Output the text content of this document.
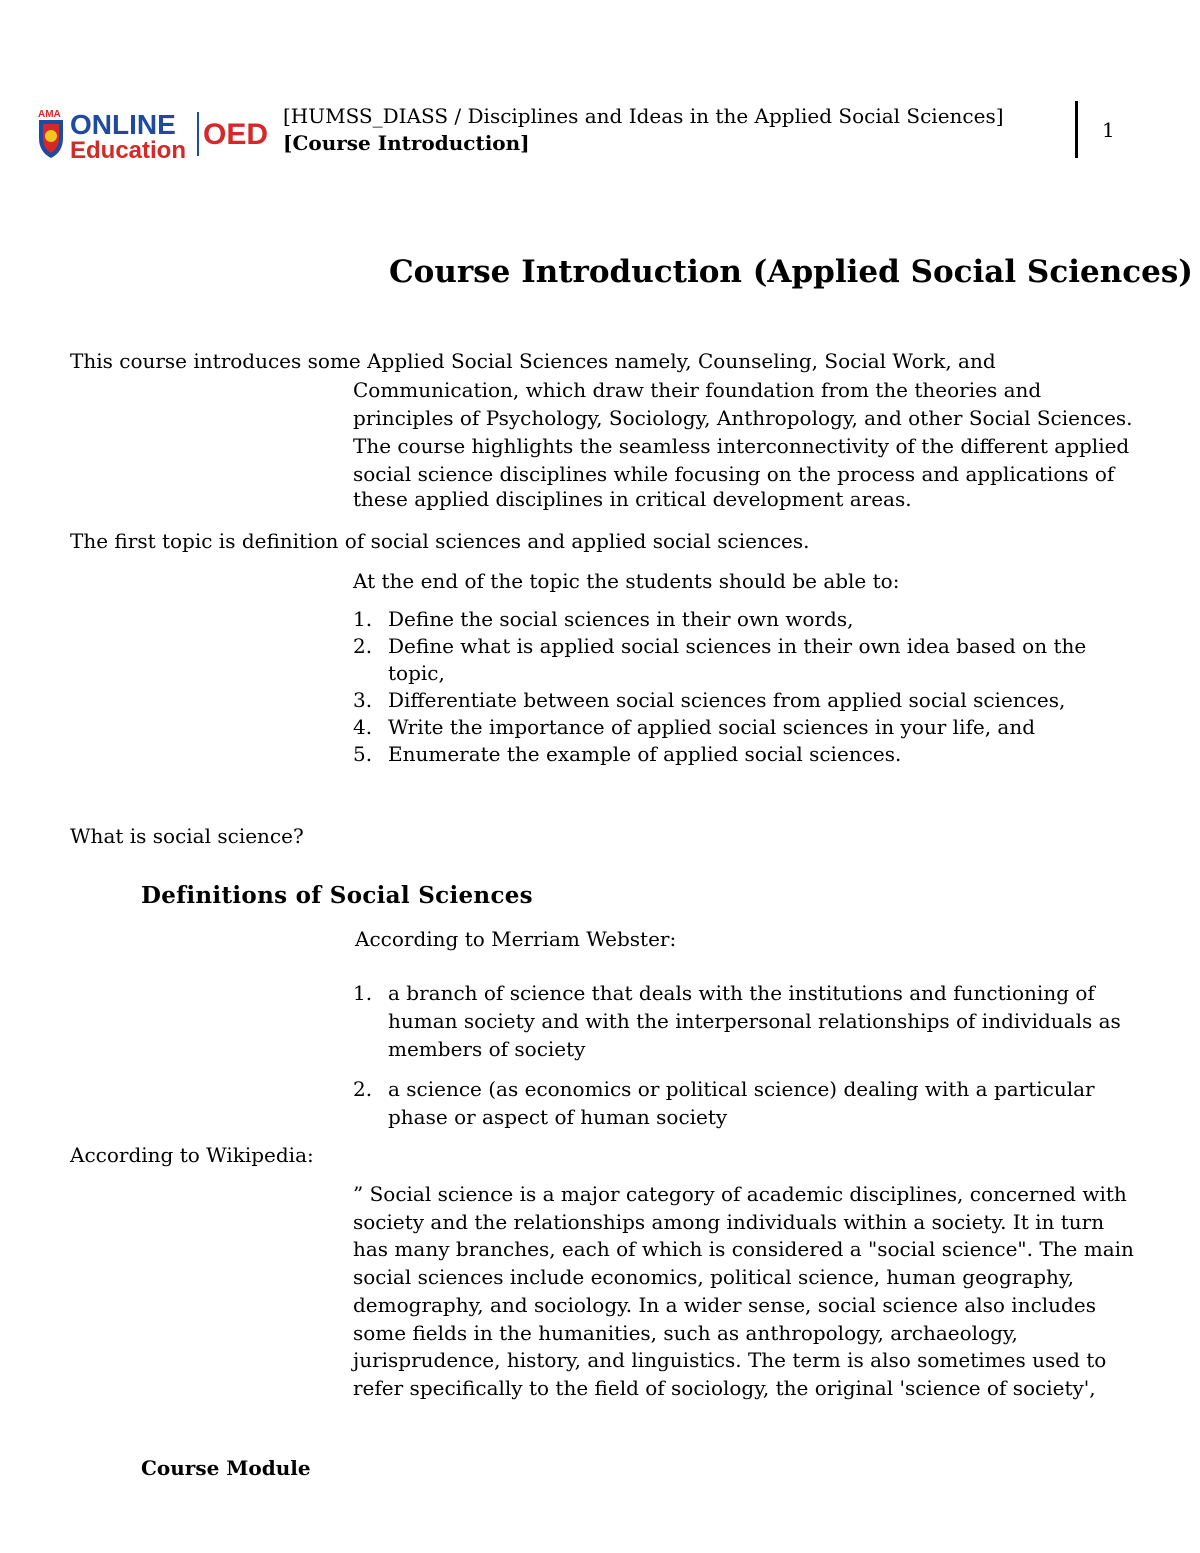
AMA ONLINE
Education OED
[HUMSS_DIASS / Disciplines and Ideas in the Applied Social Sciences]
[Course Introduction]
1
Course Introduction (Applied Social Sciences)
This course introduces some Applied Social Sciences namely, Counseling, Social Work, and
Communication, which draw their foundation from the theories and
principles of Psychology, Sociology, Anthropology, and other Social Sciences.
The course highlights the seamless interconnectivity of the different applied
social science disciplines while focusing on the process and applications of
these applied disciplines in critical development areas.
The first topic is definition of social sciences and applied social sciences.
At the end of the topic the students should be able to:
1. Define the social sciences in their own words,
2. Define what is applied social sciences in their own idea based on the
topic,
3. Differentiate between social sciences from applied social sciences,
4. Write the importance of applied social sciences in your life, and
5. Enumerate the example of applied social sciences.
What is social science?
Definitions of Social Sciences
According to Merriam Webster:
1. a branch of science that deals with the institutions and functioning of
human society and with the interpersonal relationships of individuals as
members of society
2. a science (as economics or political science) dealing with a particular
phase or aspect of human society
According to Wikipedia:
” Social science is a major category of academic disciplines, concerned with
society and the relationships among individuals within a society. It in turn
has many branches, each of which is considered a "social science". The main
social sciences include economics, political science, human geography,
demography, and sociology. In a wider sense, social science also includes
some fields in the humanities, such as anthropology, archaeology,
jurisprudence, history, and linguistics. The term is also sometimes used to
refer specifically to the field of sociology, the original 'science of society',
Course Module
